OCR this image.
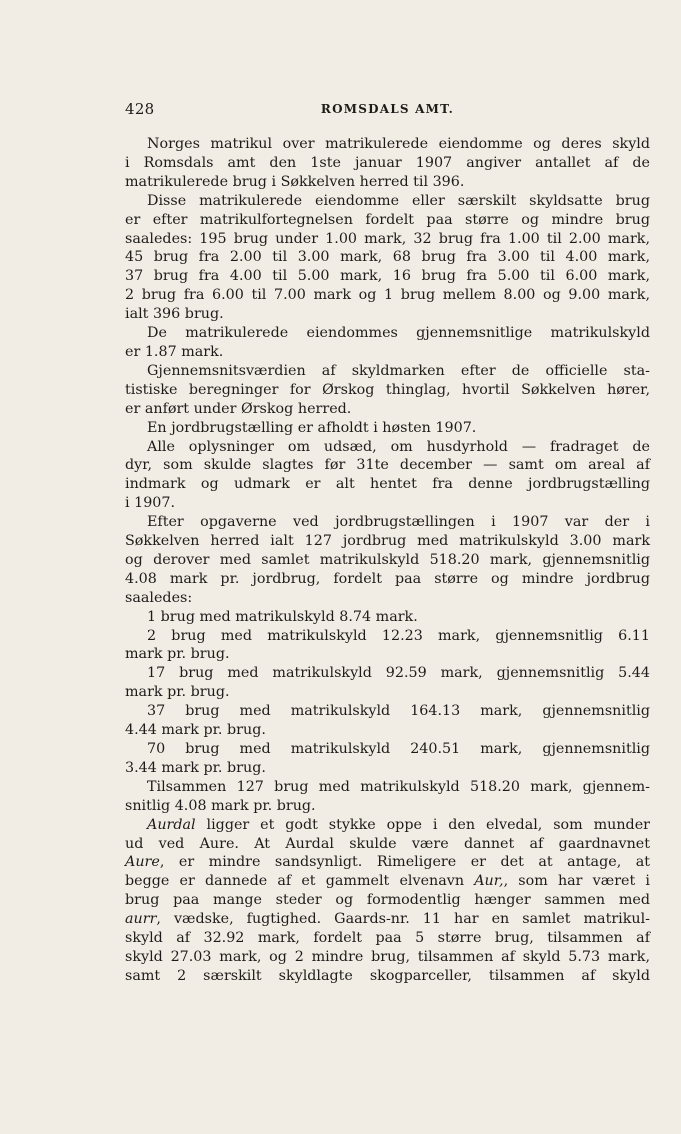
428	ROMSDALS AMT.
Norges matrikul over matrikulerede eiendomme og deres skyld
i Romsdals amt den 1ste januar 1907 angiver antallet af de
matrikulerede brug i Søkkelven herred til 396.
Disse matrikulerede eiendomme eller særskilt skyldsatte brug
er efter matrikulfortegnelsen fordelt paa større og mindre brug
saaledes: 195 brug under 1.00 mark, 32 brug fra 1.00 til 2.00 mark,
45 brug fra 2.00 til 3.00 mark, 68 brug fra 3.00 til 4.00 mark,
37 brug fra 4.00 til 5.00 mark, 16 brug fra 5.00 til 6.00 mark,
2 brug fra 6.00 til 7.00 mark og 1 brug mellem 8.00 og 9.00 mark,
ialt 396 brug.
De matrikulerede eiendommes gjennemsnitlige matrikulskyld
er 1.87 mark.
Gjennemsnitsværdien af skyldmarken efter de officielle sta-
tistiske beregninger for Ørskog thinglag, hvortil Søkkelven hører,
er anført under Ørskog herred.
En jordbrugstælling er afholdt i høsten 1907.
Alle oplysninger om udsæd, om husdyrhold — fradraget de
dyr, som skulde slagtes før 31te december — samt om areal af
indmark og udmark er alt hentet fra denne jordbrugstælling
i 1907.
Efter opgaverne ved jordbrugstællingen i 1907 var der i
Søkkelven herred ialt 127 jordbrug med matrikulskyld 3.00 mark
og derover med samlet matrikulskyld 518.20 mark, gjennemsnitlig
4.08 mark pr. jordbrug, fordelt paa større og mindre jordbrug
saaledes:
1 brug med matrikulskyld 8.74 mark.
2 brug med matrikulskyld 12.23 mark, gjennemsnitlig 6.11
mark pr. brug.
17 brug med matrikulskyld 92.59 mark, gjennemsnitlig 5.44
mark pr. brug.
37 brug med matrikulskyld 164.13 mark, gjennemsnitlig
4.44 mark pr. brug.
70 brug med matrikulskyld 240.51 mark, gjennemsnitlig
3.44 mark pr. brug.
Tilsammen 127 brug med matrikulskyld 518.20 mark, gjennem-
snitlig 4.08 mark pr. brug.
Aurdal ligger et godt stykke oppe i den elvedal, som munder
ud ved Aure. At Aurdal skulde være dannet af gaardnavnet
Aure, er mindre sandsynligt. Rimeligere er det at antage, at
begge er dannede af et gammelt elvenavn Aur,, som har været i
brug paa mange steder og formodentlig hænger sammen med
aurr, vædske, fugtighed. Gaards-nr. 11 har en samlet matrikul-
skyld af 32.92 mark, fordelt paa 5 større brug, tilsammen af
skyld 27.03 mark, og 2 mindre brug, tilsammen af skyld 5.73 mark,
samt 2 særskilt skyldlagte skogparceller, tilsammen af skyld
